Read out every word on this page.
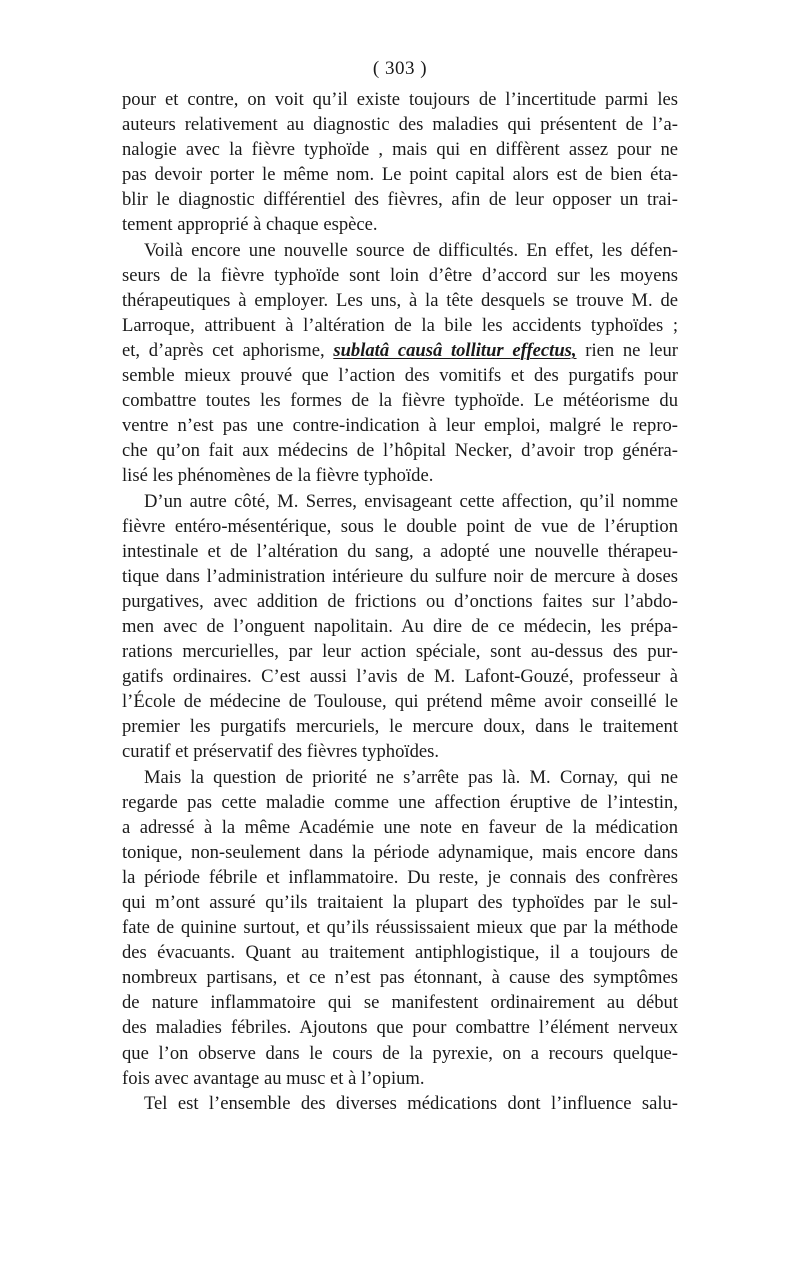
( 303 )
pour et contre, on voit qu’il existe toujours de l’incertitude parmi les
auteurs relativement au diagnostic des maladies qui présentent de l’a-
nalogie avec la fièvre typhoïde , mais qui en diffèrent assez pour ne
pas devoir porter le même nom. Le point capital alors est de bien éta-
blir le diagnostic différentiel des fièvres, afin de leur opposer un trai-
tement approprié à chaque espèce.
Voilà encore une nouvelle source de difficultés. En effet, les défen-
seurs de la fièvre typhoïde sont loin d’être d’accord sur les moyens
thérapeutiques à employer. Les uns, à la tête desquels se trouve M. de
Larroque, attribuent à l’altération de la bile les accidents typhoïdes ;
et, d’après cet aphorisme, sublatâ causâ tollitur effectus, rien ne leur
semble mieux prouvé que l’action des vomitifs et des purgatifs pour
combattre toutes les formes de la fièvre typhoïde. Le météorisme du
ventre n’est pas une contre-indication à leur emploi, malgré le repro-
che qu’on fait aux médecins de l’hôpital Necker, d’avoir trop généra-
lisé les phénomènes de la fièvre typhoïde.
D’un autre côté, M. Serres, envisageant cette affection, qu’il nomme
fièvre entéro-mésentérique, sous le double point de vue de l’éruption
intestinale et de l’altération du sang, a adopté une nouvelle thérapeu-
tique dans l’administration intérieure du sulfure noir de mercure à doses
purgatives, avec addition de frictions ou d’onctions faites sur l’abdo-
men avec de l’onguent napolitain. Au dire de ce médecin, les prépa-
rations mercurielles, par leur action spéciale, sont au-dessus des pur-
gatifs ordinaires. C’est aussi l’avis de M. Lafont-Gouzé, professeur à
l’École de médecine de Toulouse, qui prétend même avoir conseillé le
premier les purgatifs mercuriels, le mercure doux, dans le traitement
curatif et préservatif des fièvres typhoïdes.
Mais la question de priorité ne s’arrête pas là. M. Cornay, qui ne
regarde pas cette maladie comme une affection éruptive de l’intestin,
a adressé à la même Académie une note en faveur de la médication
tonique, non-seulement dans la période adynamique, mais encore dans
la période fébrile et inflammatoire. Du reste, je connais des confrères
qui m’ont assuré qu’ils traitaient la plupart des typhoïdes par le sul-
fate de quinine surtout, et qu’ils réussissaient mieux que par la méthode
des évacuants. Quant au traitement antiphlogistique, il a toujours de
nombreux partisans, et ce n’est pas étonnant, à cause des symptômes
de nature inflammatoire qui se manifestent ordinairement au début
des maladies fébriles. Ajoutons que pour combattre l’élément nerveux
que l’on observe dans le cours de la pyrexie, on a recours quelque-
fois avec avantage au musc et à l’opium.
Tel est l’ensemble des diverses médications dont l’influence salu-
